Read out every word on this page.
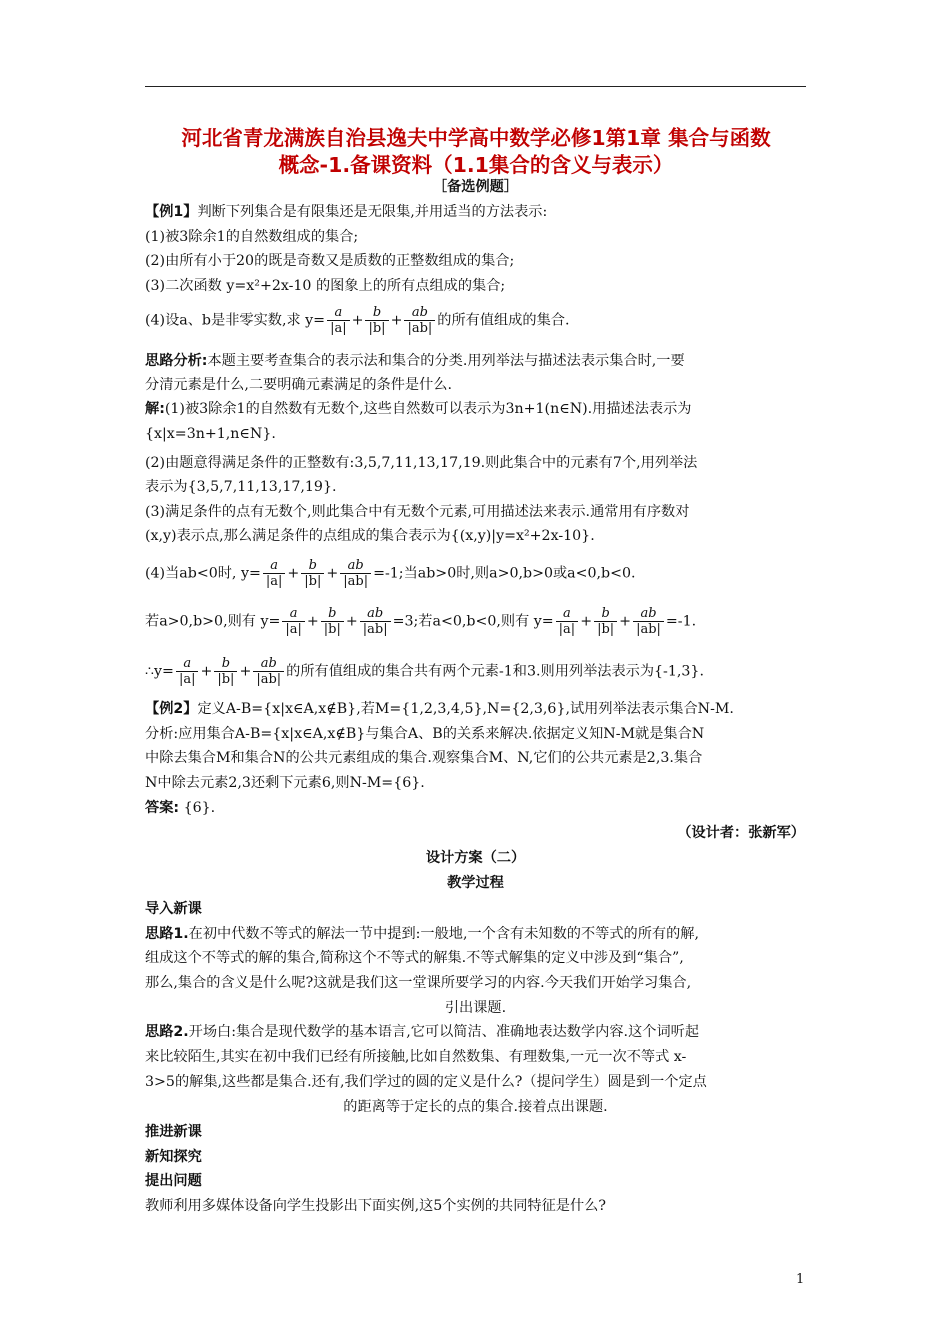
河北省青龙满族自治县逸夫中学高中数学必修1第1章 集合与函数
概念-1.备课资料（1.1集合的含义与表示）
［备选例题］
【例1】判断下列集合是有限集还是无限集,并用适当的方法表示:
(1)被3除余1的自然数组成的集合;
(2)由所有小于20的既是奇数又是质数的正整数组成的集合;
(3)二次函数 y=x²+2x-10 的图象上的所有点组成的集合;
(4)设a、b是非零实数,求 $y= \frac{a}{|a|} + \frac{b}{|b|} + \frac{ab}{|ab|}$ 的所有值组成的集合.
思路分析:本题主要考查集合的表示法和集合的分类.用列举法与描述法表示集合时,一要
分清元素是什么,二要明确元素满足的条件是什么.
解:(1)被3除余1的自然数有无数个,这些自然数可以表示为3n+1(n∈N).用描述法表示为
{x|x=3n+1,n∈N}.
(2)由题意得满足条件的正整数有:3,5,7,11,13,17,19.则此集合中的元素有7个,用列举法
表示为{3,5,7,11,13,17,19}.
(3)满足条件的点有无数个,则此集合中有无数个元素,可用描述法来表示.通常用有序数对
(x,y)表示点,那么满足条件的点组成的集合表示为{(x,y)|y=x²+2x-10}.
(4)当ab<0时, $y= \frac{a}{|a|} + \frac{b}{|b|} + \frac{ab}{|ab|} =-1$;当ab>0时,则a>0,b>0或a<0,b<0.
若a>0,b>0,则有 $y= \frac{a}{|a|} + \frac{b}{|b|} + \frac{ab}{|ab|} =3$;若a<0,b<0,则有 $y= \frac{a}{|a|} + \frac{b}{|b|} + \frac{ab}{|ab|} =-1$.
∴y= $\frac{a}{|a|} + \frac{b}{|b|} + \frac{ab}{|ab|}$ 的所有值组成的集合共有两个元素-1和3.则用列举法表示为{-1,3}.
【例2】定义A-B={x|x∈A,x∉B},若M={1,2,3,4,5},N={2,3,6},试用列举法表示集合N-M.
分析:应用集合A-B={x|x∈A,x∉B}与集合A、B的关系来解决.依据定义知N-M就是集合N
中除去集合M和集合N的公共元素组成的集合.观察集合M、N,它们的公共元素是2,3.集合
N中除去元素2,3还剩下元素6,则N-M={6}.
答案: {6}.
（设计者：张新军）
设计方案（二）
教学过程
导入新课
思路1.在初中代数不等式的解法一节中提到:一般地,一个含有未知数的不等式的所有的解,
组成这个不等式的解的集合,简称这个不等式的解集.不等式解集的定义中涉及到“集合”,
那么,集合的含义是什么呢?这就是我们这一堂课所要学习的内容.今天我们开始学习集合,
引出课题.
思路2.开场白:集合是现代数学的基本语言,它可以简洁、准确地表达数学内容.这个词听起
来比较陌生,其实在初中我们已经有所接触,比如自然数集、有理数集,一元一次不等式 x-
3>5的解集,这些都是集合.还有,我们学过的圆的定义是什么?（提问学生）圆是到一个定点
的距离等于定长的点的集合.接着点出课题.
推进新课
新知探究
提出问题
教师利用多媒体设备向学生投影出下面实例,这5个实例的共同特征是什么?
1
